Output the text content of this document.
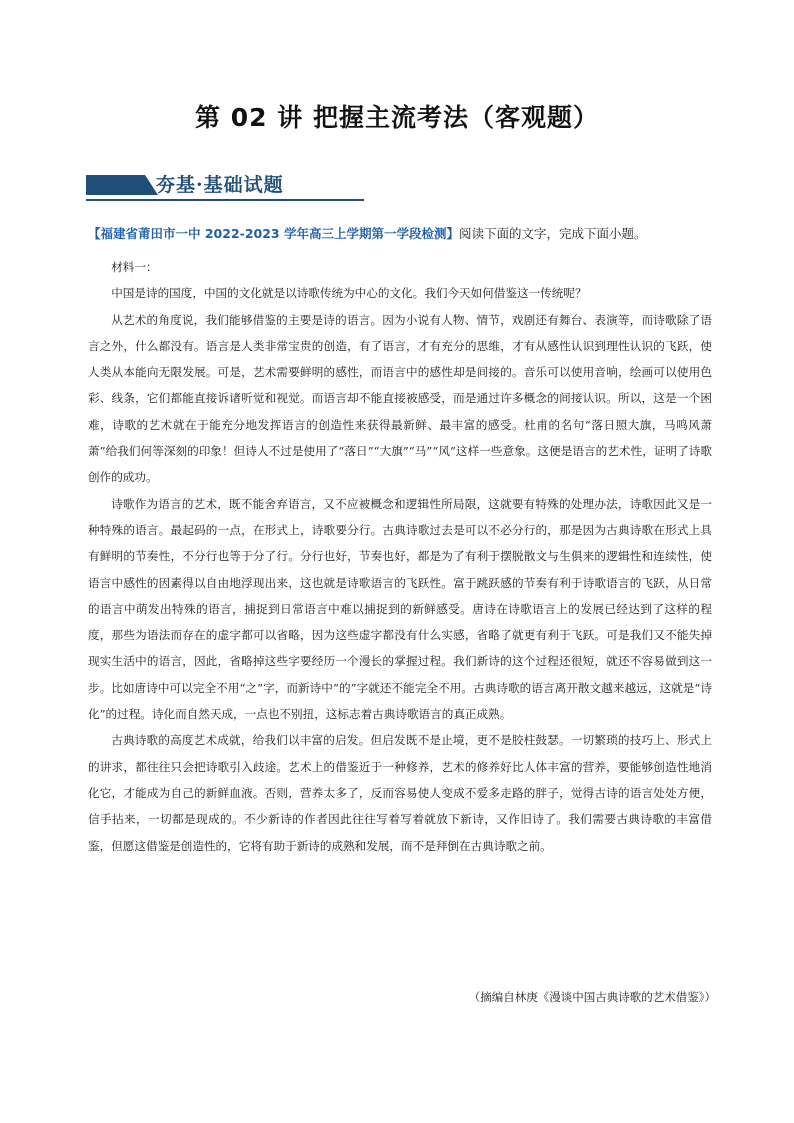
第 02 讲 把握主流考法（客观题）
夯基·基础试题
【福建省莆田市一中 2022-2023 学年高三上学期第一学段检测】阅读下面的文字，完成下面小题。

材料一：

中国是诗的国度，中国的文化就是以诗歌传统为中心的文化。我们今天如何借鉴这一传统呢？

从艺术的角度说，我们能够借鉴的主要是诗的语言。因为小说有人物、情节，戏剧还有舞台、表演等，而诗歌除了语言之外，什么都没有。语言是人类非常宝贵的创造，有了语言，才有充分的思维，才有从感性认识到理性认识的飞跃，使人类从本能向无限发展。可是，艺术需要鲜明的感性，而语言中的感性却是间接的。音乐可以使用音响，绘画可以使用色彩、线条，它们都能直接诉诸听觉和视觉。而语言却不能直接被感受，而是通过许多概念的间接认识。所以，这是一个困难，诗歌的艺术就在于能充分地发挥语言的创造性来获得最新鲜、最丰富的感受。杜甫的名句“落日照大旗，马鸣风萧萧”给我们何等深刻的印象！但诗人不过是使用了“落日”“大旗”“马”“风”这样一些意象。这便是语言的艺术性，证明了诗歌创作的成功。

诗歌作为语言的艺术，既不能舍弃语言，又不应被概念和逻辑性所局限，这就要有特殊的处理办法，诗歌因此又是一种特殊的语言。最起码的一点，在形式上，诗歌要分行。古典诗歌过去是可以不必分行的，那是因为古典诗歌在形式上具有鲜明的节奏性，不分行也等于分了行。分行也好，节奏也好，都是为了有利于摆脱散文与生俱来的逻辑性和连续性，使语言中感性的因素得以自由地浮现出来，这也就是诗歌语言的飞跃性。富于跳跃感的节奏有利于诗歌语言的飞跃，从日常的语言中萌发出特殊的语言，捕捉到日常语言中难以捕捉到的新鲜感受。唐诗在诗歌语言上的发展已经达到了这样的程度，那些为语法而存在的虚字都可以省略，因为这些虚字都没有什么实感，省略了就更有利于飞跃。可是我们又不能失掉现实生活中的语言，因此，省略掉这些字要经历一个漫长的掌握过程。我们新诗的这个过程还很短，就还不容易做到这一步。比如唐诗中可以完全不用“之”字，而新诗中“的”字就还不能完全不用。古典诗歌的语言离开散文越来越远，这就是“诗化”的过程。诗化而自然天成，一点也不别扭，这标志着古典诗歌语言的真正成熟。

古典诗歌的高度艺术成就，给我们以丰富的启发。但启发既不是止境，更不是胶柱鼓瑟。一切繁琐的技巧上、形式上的讲求，都往往只会把诗歌引入歧途。艺术上的借鉴近于一种修养，艺术的修养好比人体丰富的营养，要能够创造性地消化它，才能成为自己的新鲜血液。否则，营养太多了，反而容易使人变成不爱多走路的胖子，觉得古诗的语言处处方便，信手拈来，一切都是现成的。不少新诗的作者因此往往写着写着就放下新诗，又作旧诗了。我们需要古典诗歌的丰富借鉴，但愿这借鉴是创造性的，它将有助于新诗的成熟和发展，而不是拜倒在古典诗歌之前。

（摘编自林庚《漫谈中国古典诗歌的艺术借鉴》）
